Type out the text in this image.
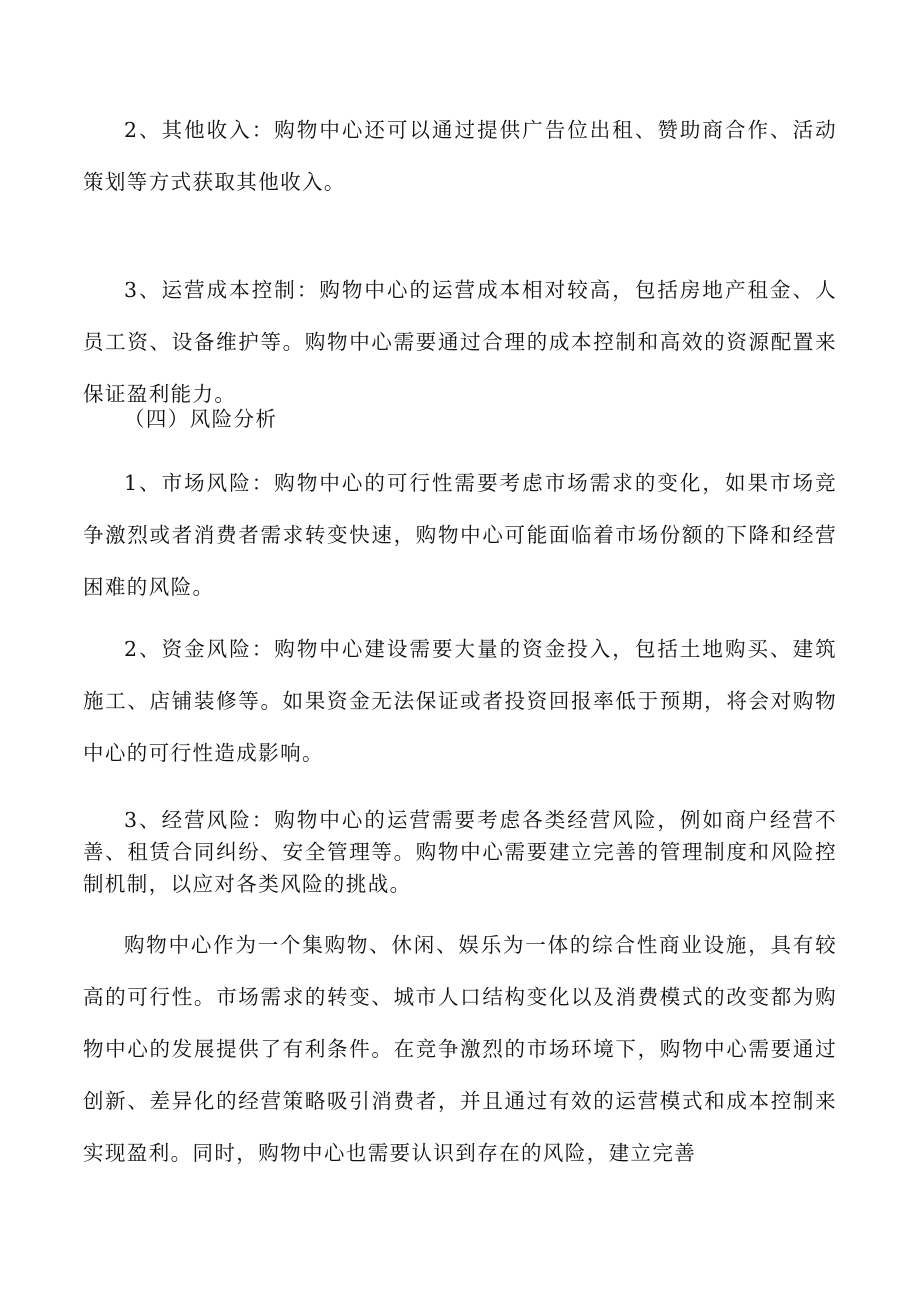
2、其他收入：购物中心还可以通过提供广告位出租、赞助商合作、活动策划等方式获取其他收入。

3、运营成本控制：购物中心的运营成本相对较高，包括房地产租金、人员工资、设备维护等。购物中心需要通过合理的成本控制和高效的资源配置来保证盈利能力。

（四）风险分析

1、市场风险：购物中心的可行性需要考虑市场需求的变化，如果市场竞争激烈或者消费者需求转变快速，购物中心可能面临着市场份额的下降和经营困难的风险。

2、资金风险：购物中心建设需要大量的资金投入，包括土地购买、建筑施工、店铺装修等。如果资金无法保证或者投资回报率低于预期，将会对购物中心的可行性造成影响。

3、经营风险：购物中心的运营需要考虑各类经营风险，例如商户经营不善、租赁合同纠纷、安全管理等。购物中心需要建立完善的管理制度和风险控制机制，以应对各类风险的挑战。

购物中心作为一个集购物、休闲、娱乐为一体的综合性商业设施，具有较高的可行性。市场需求的转变、城市人口结构变化以及消费模式的改变都为购物中心的发展提供了有利条件。在竞争激烈的市场环境下，购物中心需要通过创新、差异化的经营策略吸引消费者，并且通过有效的运营模式和成本控制来实现盈利。同时，购物中心也需要认识到存在的风险，建立完善
